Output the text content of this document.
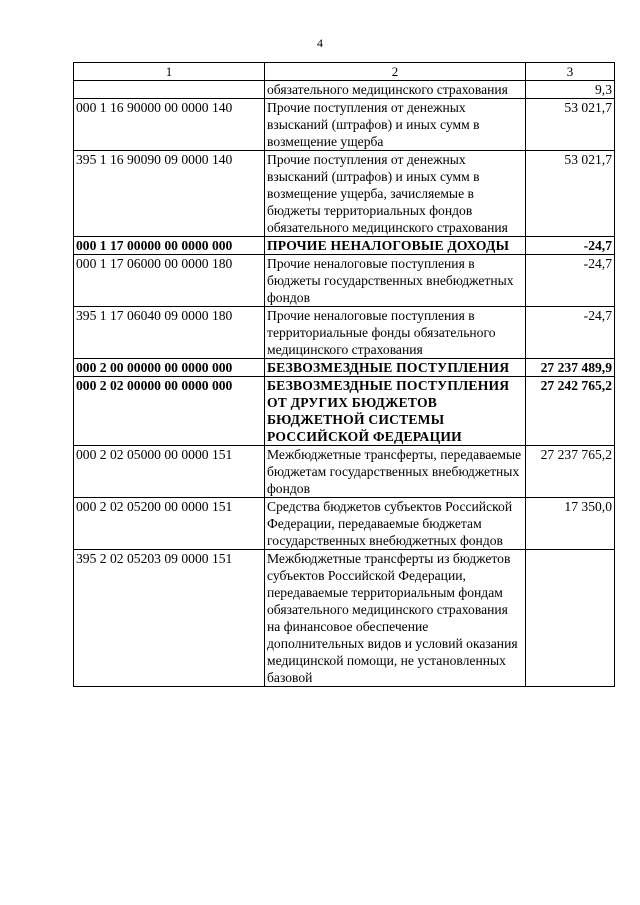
4
1	2	3
	обязательного медицинского страхования	9,3
000 1 16 90000 00 0000 140	Прочие поступления от денежных взысканий (штрафов) и иных сумм в возмещение ущерба	53 021,7
395 1 16 90090 09 0000 140	Прочие поступления от денежных взысканий (штрафов) и иных сумм в возмещение ущерба, зачисляемые в бюджеты территориальных фондов обязательного медицинского страхования	53 021,7
000 1 17 00000 00 0000 000	ПРОЧИЕ НЕНАЛОГОВЫЕ ДОХОДЫ	-24,7
000 1 17 06000 00 0000 180	Прочие неналоговые поступления в бюджеты государственных внебюджетных фондов	-24,7
395 1 17 06040 09 0000 180	Прочие неналоговые поступления в территориальные фонды обязательного медицинского страхования	-24,7
000 2 00 00000 00 0000 000	БЕЗВОЗМЕЗДНЫЕ ПОСТУПЛЕНИЯ	27 237 489,9
000 2 02 00000 00 0000 000	БЕЗВОЗМЕЗДНЫЕ ПОСТУПЛЕНИЯ ОТ ДРУГИХ БЮДЖЕТОВ БЮДЖЕТНОЙ СИСТЕМЫ РОССИЙСКОЙ ФЕДЕРАЦИИ	27 242 765,2
000 2 02 05000 00 0000 151	Межбюджетные трансферты, передаваемые бюджетам государственных внебюджетных фондов	27 237 765,2
000 2 02 05200 00 0000 151	Средства бюджетов субъектов Российской Федерации, передаваемые бюджетам государственных внебюджетных фондов	17 350,0
395 2 02 05203 09 0000 151	Межбюджетные трансферты из бюджетов субъектов Российской Федерации, передаваемые территориальным фондам обязательного медицинского страхования на финансовое обеспечение дополнительных видов и условий оказания медицинской помощи, не установленных базовой	
